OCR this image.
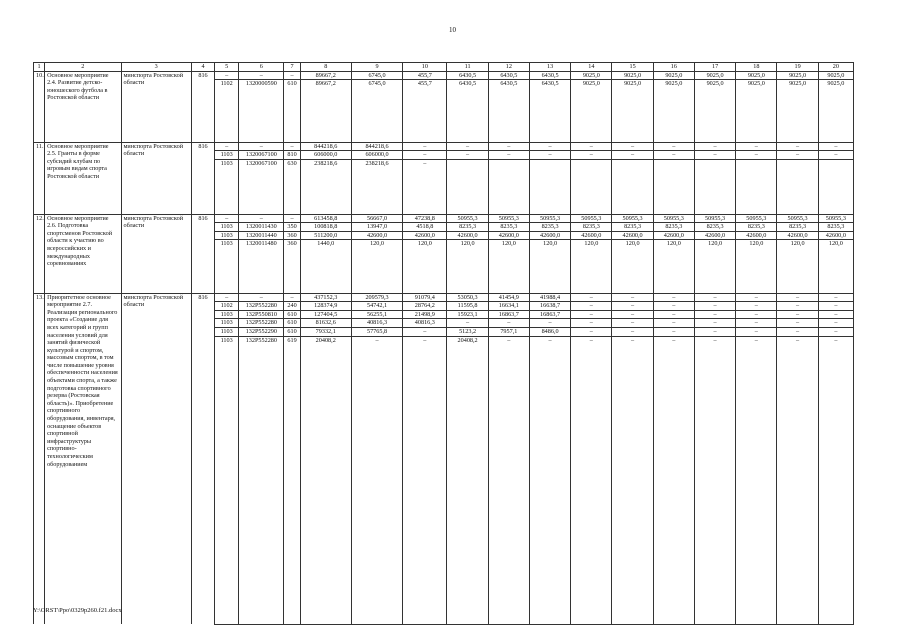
10
1	2	3	4	5	6	7	8	9	10	11	12	13	14	15	16	17	18	19	20
10.	Основное мероприятие 2.4. Развитие детско-юношеского футбола в Ростовской области	минспорта Ростовской области	816	–	–	–	89667,2	6745,0	455,7	6430,5	6430,5	6430,5	9025,0	9025,0	9025,0	9025,0	9025,0	9025,0	9025,0
				1102	1320000590	610	89667,2	6745,0	455,7	6430,5	6430,5	6430,5	9025,0	9025,0	9025,0	9025,0	9025,0	9025,0	9025,0
11.	Основное мероприятие 2.5. Гранты в форме субсидий клубам по игровым видам спорта Ростовской области	минспорта Ростовской области	816	–	–	–	844218,6	844218,6	–	–	–	–	–	–	–	–	–	–	–
				1103	1320067100	810	606000,0	606000,0	–	–	–	–	–	–	–	–	–	–	–
				1103	1320067100	630	238218,6	238218,6	–										
12.	Основное мероприятие 2.6. Подготовка спортсменов Ростовской области к участию во всероссийских и международных соревнованиях	минспорта Ростовской области	816	–	–	–	613458,8	56667,0	47238,8	50955,3	50955,3	50955,3	50955,3	50955,3	50955,3	50955,3	50955,3	50955,3	50955,3
				1103	1320011430	350	100818,8	13947,0	4518,8	8235,3	8235,3	8235,3	8235,3	8235,3	8235,3	8235,3	8235,3	8235,3	8235,3
				1103	1320011440	360	511200,0	42600,0	42600,0	42600,0	42600,0	42600,0	42600,0	42600,0	42600,0	42600,0	42600,0	42600,0	42600,0
				1103	1320011480	360	1440,0	120,0	120,0	120,0	120,0	120,0	120,0	120,0	120,0	120,0	120,0	120,0	120,0
13.	Приоритетное основное мероприятие 2.7. Реализация регионального проекта «Создание для всех категорий и групп населения условий для занятий физической культурой и спортом, массовым спортом, в том числе повышение уровня обеспеченности населения объектами спорта, а также подготовка спортивного резерва (Ростовская область)». Приобретение спортивного оборудования, инвентаря, оснащение объектов спортивной инфраструктуры спортивно-технологическим оборудованием	минспорта Ростовской области	816	–	–	–	437152,3	209579,3	91079,4	53050,3	41454,9	41988,4	–	–	–	–	–	–	–
				1102	132P552280	240	128374,9	54742,1	28764,2	11595,8	16634,1	16638,7	–	–	–	–	–	–	–
				1103	132P550810	610	127404,5	56255,1	21498,9	15923,1	16863,7	16863,7	–	–	–	–	–	–	–
				1103	132P552280	610	81632,6	40816,3	40816,3	–	–	–	–	–	–	–	–	–	–
				1103	132P552290	610	79332,1	57765,8	–	5123,2	7957,1	8486,0	–	–	–	–	–	–	–
				1103	132P552280	619	20408,2	–	–	20408,2	–	–	–	–	–	–	–	–	–
Y:\ORST\Ppo\0329p260.f21.docx
